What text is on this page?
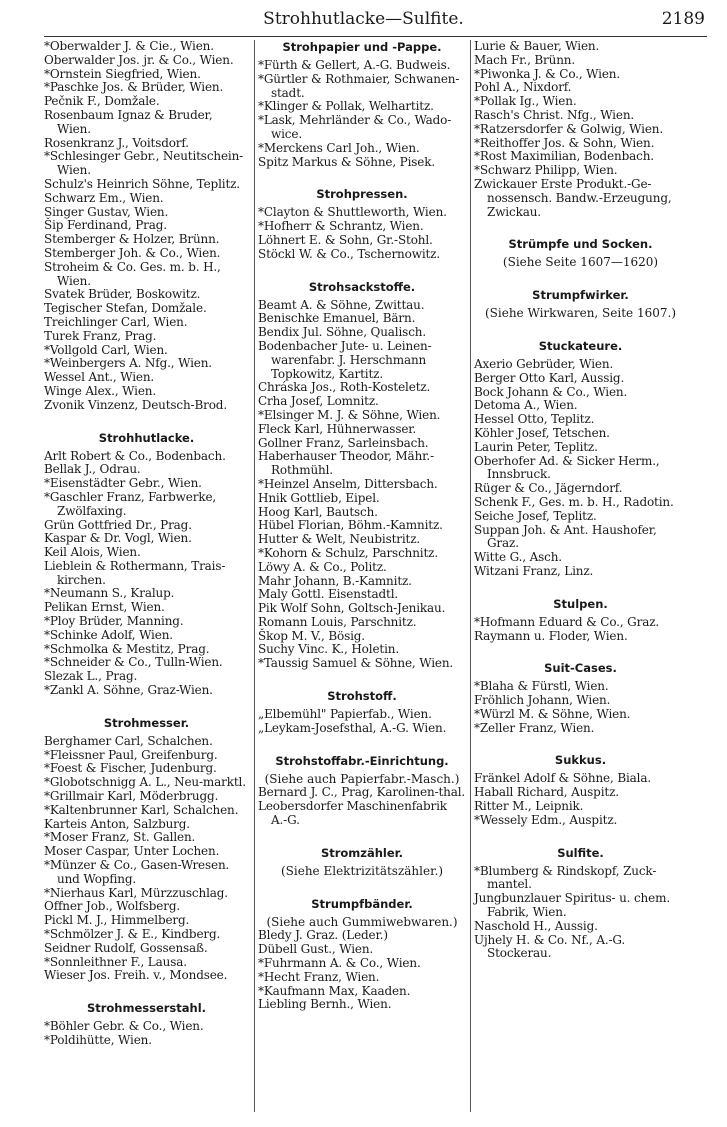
Strohhutlacke—Sulfite.	2189
*Oberwalder J. & Cie., Wien.
Oberwalder Jos. jr. & Co., Wien.
*Ornstein Siegfried, Wien.
*Paschke Jos. & Brüder, Wien.
Pečnik F., Domžale.
Rosenbaum Ignaz & Bruder, Wien.
Rosenkranz J., Voitsdorf.
*Schlesinger Gebr., Neutitschein-Wien.
Schulz's Heinrich Söhne, Teplitz.
Schwarz Em., Wien.
Singer Gustav, Wien.
Šip Ferdinand, Prag.
Stemberger & Holzer, Brünn.
Stemberger Joh. & Co., Wien.
Stroheim & Co. Ges. m. b. H., Wien.
Svatek Brüder, Boskowitz.
Tegischer Stefan, Domžale.
Treichlinger Carl, Wien.
Turek Franz, Prag.
*Vollgold Carl, Wien.
*Weinbergers A. Nfg., Wien.
Wessel Ant., Wien.
Winge Alex., Wien.
Zvonik Vinzenz, Deutsch-Brod.
Strohhutlacke.
Arlt Robert & Co., Bodenbach.
Bellak J., Odrau.
*Eisenstädter Gebr., Wien.
*Gaschler Franz, Farbwerke, Zwölfaxing.
Grün Gottfried Dr., Prag.
Kaspar & Dr. Vogl, Wien.
Keil Alois, Wien.
Lieblein & Rothermann, Trais-kirchen.
*Neumann S., Kralup.
Pelikan Ernst, Wien.
*Ploy Brüder, Manning.
*Schinke Adolf, Wien.
*Schmolka & Mestitz, Prag.
*Schneider & Co., Tulln-Wien.
Slezak L., Prag.
*Zankl A. Söhne, Graz-Wien.
Strohmesser.
Berghamer Carl, Schalchen.
*Fleissner Paul, Greifenburg.
*Foest & Fischer, Judenburg.
*Globotschnigg A. L., Neu-marktl.
*Grillmair Karl, Möderbrugg.
*Kaltenbrunner Karl, Schalchen.
Karteis Anton, Salzburg.
*Moser Franz, St. Gallen.
Moser Caspar, Unter Lochen.
*Münzer & Co., Gasen-Wresen. und Wopfing.
*Nierhaus Karl, Mürzzuschlag.
Offner Job., Wolfsberg.
Pickl M. J., Himmelberg.
*Schmölzer J. & E., Kindberg.
Seidner Rudolf, Gossensaß.
*Sonnleithner F., Lausa.
Wieser Jos. Freih. v., Mondsee.
Strohmesserstahl.
*Böhler Gebr. & Co., Wien.
*Poldihütte, Wien.
Strohpapier und -Pappe.
*Fürth & Gellert, A.-G. Budweis.
*Gürtler & Rothmaier, Schwanen-stadt.
*Klinger & Pollak, Welhartitz.
*Lask, Mehrländer & Co., Wado-wice.
*Merckens Carl Joh., Wien.
Spitz Markus & Söhne, Pisek.
Strohpressen.
*Clayton & Shuttleworth, Wien.
*Hofherr & Schrantz, Wien.
Löhnert E. & Sohn, Gr.-Stohl.
Stöckl W. & Co., Tschernowitz.
Strohsackstoffe.
Beamt A. & Söhne, Zwittau.
Benischke Emanuel, Bärn.
Bendix Jul. Söhne, Qualisch.
Bodenbacher Jute- u. Leinen-warenfabr. J. Herschmann Topkowitz, Kartitz.
Chráska Jos., Roth-Kosteletz.
Crha Josef, Lomnitz.
*Elsinger M. J. & Söhne, Wien.
Fleck Karl, Hühnerwasser.
Gollner Franz, Sarleinsbach.
Haberhauser Theodor, Mähr.-Rothmühl.
*Heinzel Anselm, Dittersbach.
Hnik Gottlieb, Eipel.
Hoog Karl, Bautsch.
Hübel Florian, Böhm.-Kamnitz.
Hutter & Welt, Neubistritz.
*Kohorn & Schulz, Parschnitz.
Löwy A. & Co., Politz.
Mahr Johann, B.-Kamnitz.
Maly Gottl. Eisenstadtl.
Pik Wolf Sohn, Goltsch-Jenikau.
Romann Louis, Parschnitz.
Škop M. V., Bösig.
Suchy Vinc. K., Holetin.
*Taussig Samuel & Söhne, Wien.
Strohstoff.
„Elbemühl" Papierfab., Wien.
„Leykam-Josefsthal, A.-G. Wien.
Strohstoffabr.-Einrichtung.
(Siehe auch Papierfabr.-Masch.)
Bernard J. C., Prag, Karolinen-thal.
Leobersdorfer Maschinenfabrik A.-G.
Stromzähler.
(Siehe Elektrizitätszähler.)
Strumpfbänder.
(Siehe auch Gummiwebwaren.)
Bledy J. Graz. (Leder.)
Dübell Gust., Wien.
*Fuhrmann A. & Co., Wien.
*Hecht Franz, Wien.
*Kaufmann Max, Kaaden.
Liebling Bernh., Wien.
Lurie & Bauer, Wien.
Mach Fr., Brünn.
*Piwonka J. & Co., Wien.
Pohl A., Nixdorf.
*Pollak Ig., Wien.
Rasch's Christ. Nfg., Wien.
*Ratzersdorfer & Golwig, Wien.
*Reithoffer Jos. & Sohn, Wien.
*Rost Maximilian, Bodenbach.
*Schwarz Philipp, Wien.
Zwickauer Erste Produkt.-Ge-nossensch. Bandw.-Erzeugung, Zwickau.
Strümpfe und Socken.
(Siehe Seite 1607—1620)
Strumpfwirker.
(Siehe Wirkwaren, Seite 1607.)
Stuckateure.
Axerio Gebrüder, Wien.
Berger Otto Karl, Aussig.
Bock Johann & Co., Wien.
Detoma A., Wien.
Hessel Otto, Teplitz.
Köhler Josef, Tetschen.
Laurin Peter, Teplitz.
Oberhofer Ad. & Sicker Herm., Innsbruck.
Rüger & Co., Jägerndorf.
Schenk F., Ges. m. b. H., Radotin.
Seiche Josef, Teplitz.
Suppan Joh. & Ant. Haushofer, Graz.
Witte G., Asch.
Witzani Franz, Linz.
Stulpen.
*Hofmann Eduard & Co., Graz.
Raymann u. Floder, Wien.
Suit-Cases.
*Blaha & Fürstl, Wien.
Fröhlich Johann, Wien.
*Würzl M. & Söhne, Wien.
*Zeller Franz, Wien.
Sukkus.
Fränkel Adolf & Söhne, Biala.
Haball Richard, Auspitz.
Ritter M., Leipnik.
*Wessely Edm., Auspitz.
Sulfite.
*Blumberg & Rindskopf, Zuck-mantel.
Jungbunzlauer Spiritus- u. chem. Fabrik, Wien.
Naschold H., Aussig.
Ujhely H. & Co. Nf., A.-G. Stockerau.
